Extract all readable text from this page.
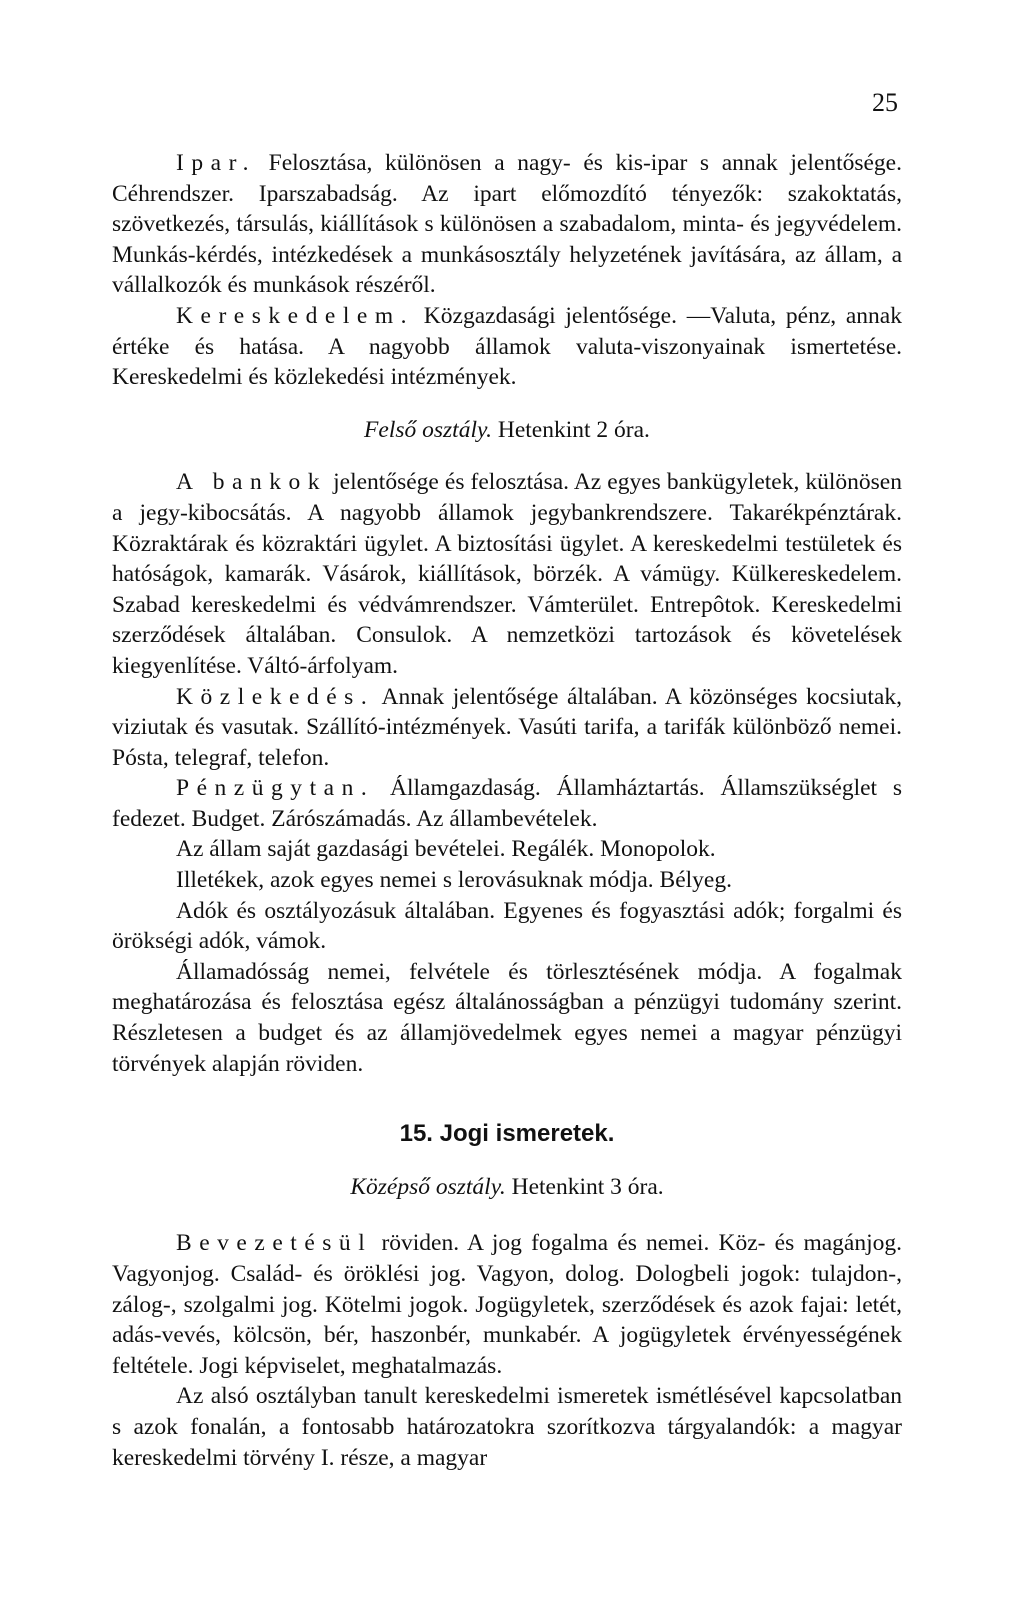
25

Ipar. Felosztása, különösen a nagy- és kis-ipar s annak jelentősége. Céhrendszer. Iparszabadság. Az ipart előmozdító tényezők: szakoktatás, szövetkezés, társulás, kiállítások s különösen a szabadalom, minta- és jegyvédelem. Munkás-kérdés, intézkedések a munkásosztály helyzetének javítására, az állam, a vállalkozók és munkások részéről.

Kereskedelem. Közgazdasági jelentősége. —Valuta, pénz, annak értéke és hatása. A nagyobb államok valuta-viszonyainak ismertetése. Kereskedelmi és közlekedési intézmények.

Felső osztály. Hetenkint 2 óra.

A bankok jelentősége és felosztása. Az egyes bankügyletek, különösen a jegy-kibocsátás. A nagyobb államok jegybankrendszere. Takarékpénztárak. Közraktárak és közraktári ügylet. A biztosítási ügylet. A kereskedelmi testületek és hatóságok, kamarák. Vásárok, kiállítások, börzék. A vámügy. Külkereskedelem. Szabad kereskedelmi és védvámrendszer. Vámterület. Entrepôtok. Kereskedelmi szerződések általában. Consulok. A nemzetközi tartozások és követelések kiegyenlítése. Váltó-árfolyam.

Közlekedés. Annak jelentősége általában. A közönséges kocsiutak, viziutak és vasutak. Szállító-intézmények. Vasúti tarifa, a tarifák különböző nemei. Pósta, telegraf, telefon.

Pénzügytan. Államgazdaság. Államháztartás. Államszükséglet s fedezet. Budget. Zárószámadás. Az állambevételek.

Az állam saját gazdasági bevételei. Regálék. Monopolok.

Illetékek, azok egyes nemei s lerovásuknak módja. Bélyeg.

Adók és osztályozásuk általában. Egyenes és fogyasztási adók; forgalmi és örökségi adók, vámok.

Államadósság nemei, felvétele és törlesztésének módja. A fogalmak meghatározása és felosztása egész általánosságban a pénzügyi tudomány szerint. Részletesen a budget és az államjövedelmek egyes nemei a magyar pénzügyi törvények alapján röviden.

15. Jogi ismeretek.

Középső osztály. Hetenkint 3 óra.

Bevezetésül röviden. A jog fogalma és nemei. Köz- és magánjog. Vagyonjog. Család- és öröklési jog. Vagyon, dolog. Dologbeli jogok: tulajdon-, zálog-, szolgalmi jog. Kötelmi jogok. Jogügyletek, szerződések és azok fajai: letét, adás-vevés, kölcsön, bér, haszonbér, munkabér. A jogügyletek érvényességének feltétele. Jogi képviselet, meghatalmazás.

Az alsó osztályban tanult kereskedelmi ismeretek ismétlésével kapcsolatban s azok fonalán, a fontosabb határozatokra szorítkozva tárgyalandók: a magyar kereskedelmi törvény I. része, a magyar
